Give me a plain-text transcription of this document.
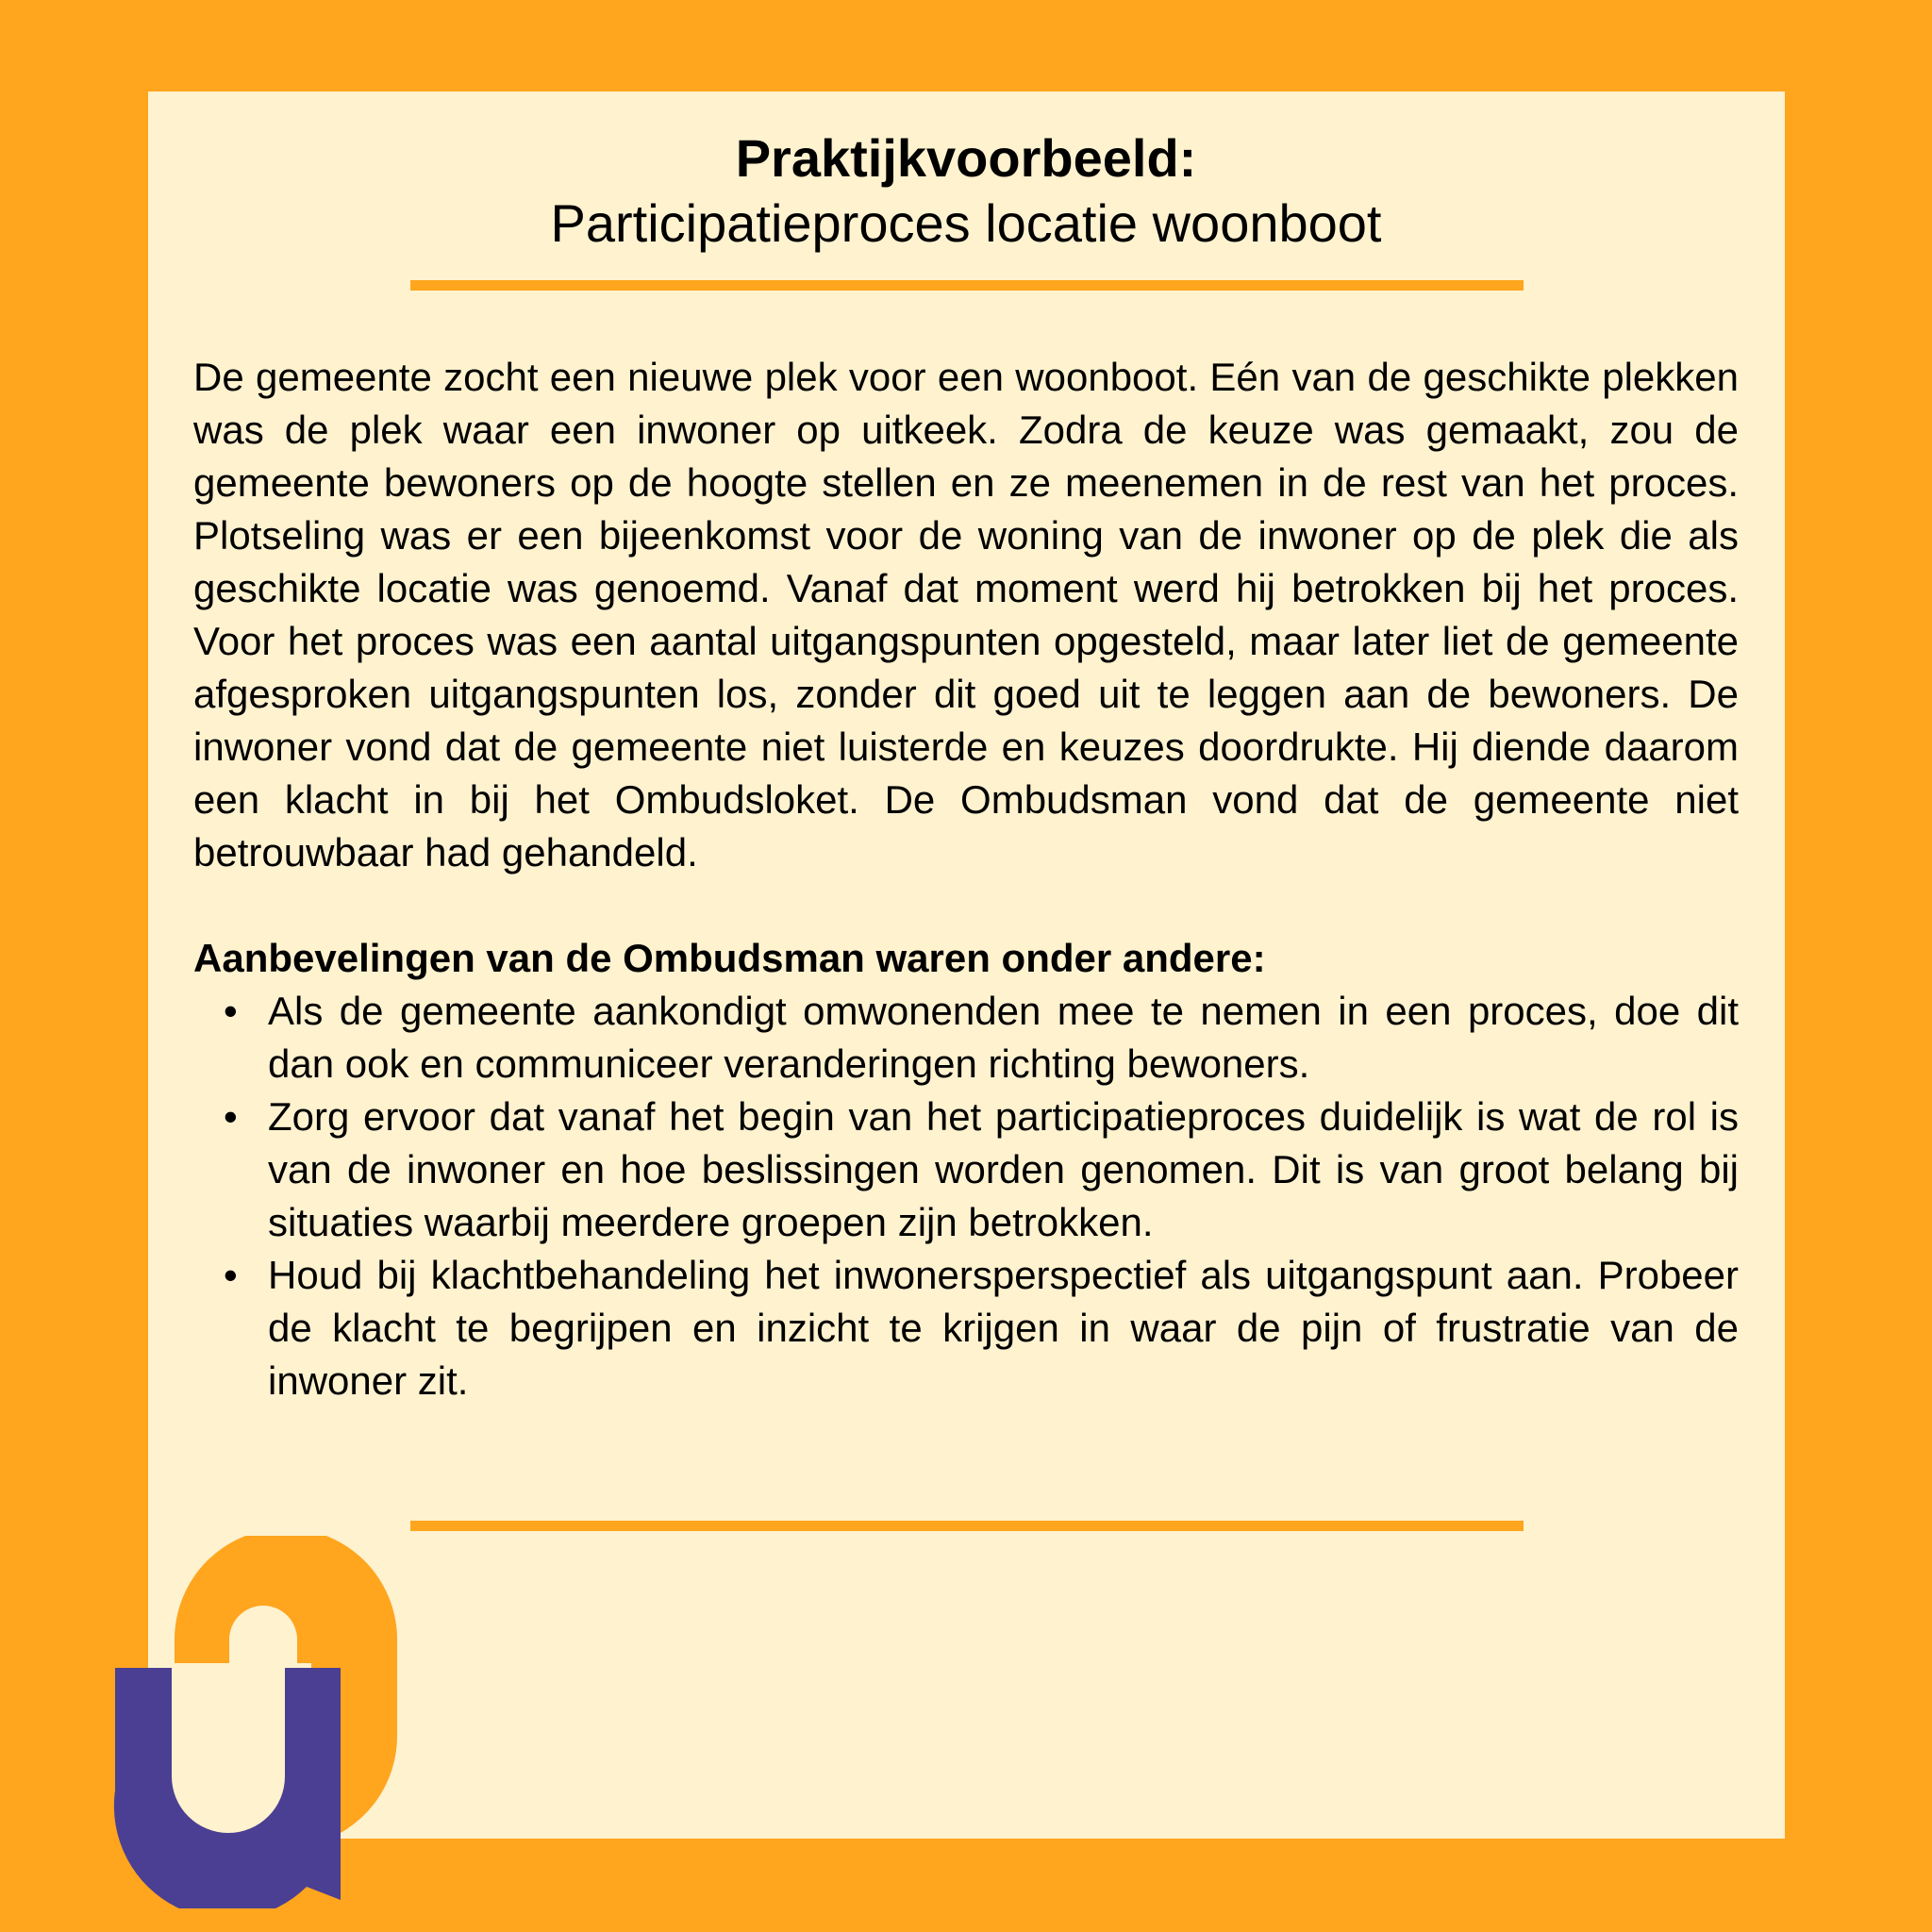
Praktijkvoorbeeld:
Participatieproces locatie woonboot

De gemeente zocht een nieuwe plek voor een woonboot. Eén van de geschikte plekken was de plek waar een inwoner op uitkeek. Zodra de keuze was gemaakt, zou de gemeente bewoners op de hoogte stellen en ze meenemen in de rest van het proces. Plotseling was er een bijeenkomst voor de woning van de inwoner op de plek die als geschikte locatie was genoemd. Vanaf dat moment werd hij betrokken bij het proces. Voor het proces was een aantal uitgangspunten opgesteld, maar later liet de gemeente afgesproken uitgangspunten los, zonder dit goed uit te leggen aan de bewoners. De inwoner vond dat de gemeente niet luisterde en keuzes doordrukte. Hij diende daarom een klacht in bij het Ombudsloket. De Ombudsman vond dat de gemeente niet betrouwbaar had gehandeld.

Aanbevelingen van de Ombudsman waren onder andere:
• Als de gemeente aankondigt omwonenden mee te nemen in een proces, doe dit dan ook en communiceer veranderingen richting bewoners.
• Zorg ervoor dat vanaf het begin van het participatieproces duidelijk is wat de rol is van de inwoner en hoe beslissingen worden genomen. Dit is van groot belang bij situaties waarbij meerdere groepen zijn betrokken.
• Houd bij klachtbehandeling het inwonersperspectief als uitgangspunt aan. Probeer de klacht te begrijpen en inzicht te krijgen in waar de pijn of frustratie van de inwoner zit.
